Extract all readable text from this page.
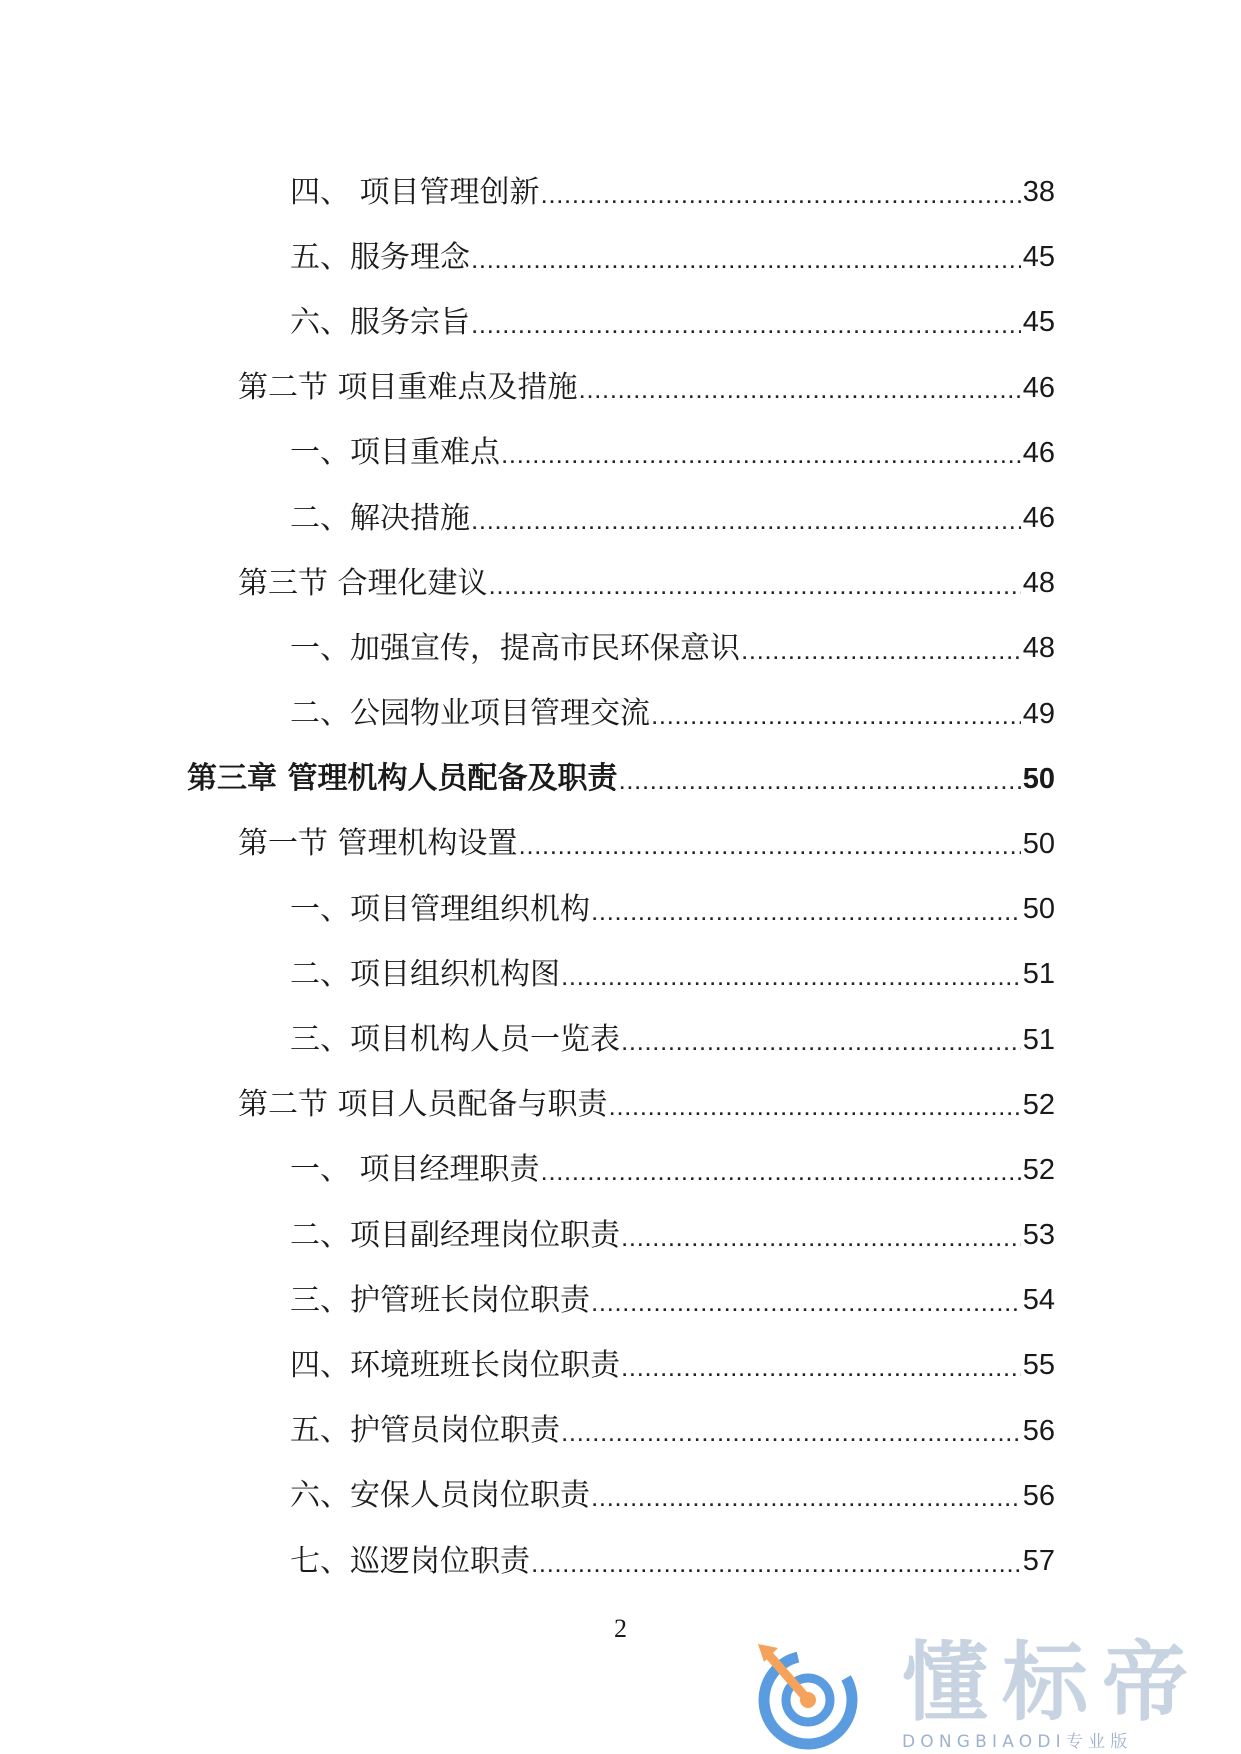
四、 项目管理创新 . . .	38
五、服务理念 . . .	45
六、服务宗旨 . . .	45
第二节 项目重难点及措施 . . .	46
一、项目重难点 . . .	46
二、解决措施 . . .	46
第三节 合理化建议 . . .	48
一、加强宣传，提高市民环保意识 . . .	48
二、公园物业项目管理交流 . . .	49
第三章 管理机构人员配备及职责 . . .	50
第一节 管理机构设置 . . .	50
一、项目管理组织机构 . . .	50
二、项目组织机构图 . . .	51
三、项目机构人员一览表 . . .	51
第二节 项目人员配备与职责 . . .	52
一、 项目经理职责 . . .	52
二、项目副经理岗位职责 . . .	53
三、护管班长岗位职责 . . .	54
四、环境班班长岗位职责 . . .	55
五、护管员岗位职责 . . .	56
六、安保人员岗位职责 . . .	56
七、巡逻岗位职责 . . .	57
2
懂标帝
DONGBIAODI专业版
